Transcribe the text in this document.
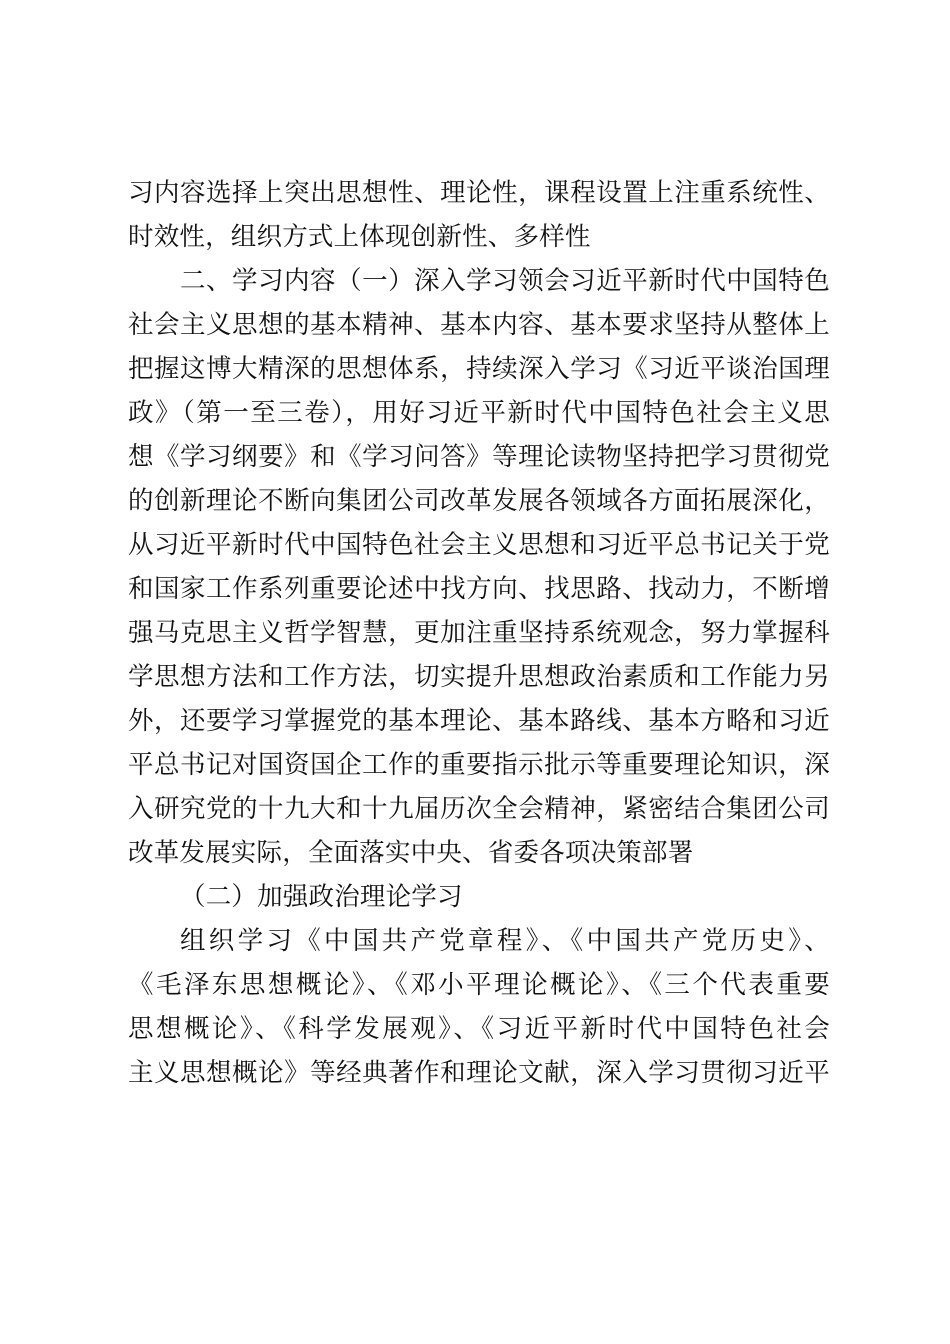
习内容选择上突出思想性、理论性，课程设置上注重系统性、
时效性，组织方式上体现创新性、多样性
二、学习内容（一）深入学习领会习近平新时代中国特色
社会主义思想的基本精神、基本内容、基本要求坚持从整体上
把握这博大精深的思想体系，持续深入学习《习近平谈治国理
政》（第一至三卷），用好习近平新时代中国特色社会主义思
想《学习纲要》和《学习问答》等理论读物坚持把学习贯彻党
的创新理论不断向集团公司改革发展各领域各方面拓展深化，
从习近平新时代中国特色社会主义思想和习近平总书记关于党
和国家工作系列重要论述中找方向、找思路、找动力，不断增
强马克思主义哲学智慧，更加注重坚持系统观念，努力掌握科
学思想方法和工作方法，切实提升思想政治素质和工作能力另
外，还要学习掌握党的基本理论、基本路线、基本方略和习近
平总书记对国资国企工作的重要指示批示等重要理论知识，深
入研究党的十九大和十九届历次全会精神，紧密结合集团公司
改革发展实际，全面落实中央、省委各项决策部署
（二）加强政治理论学习
组织学习《中国共产党章程》、《中国共产党历史》、
《毛泽东思想概论》、《邓小平理论概论》、《三个代表重要
思想概论》、《科学发展观》、《习近平新时代中国特色社会
主义思想概论》等经典著作和理论文献，深入学习贯彻习近平
